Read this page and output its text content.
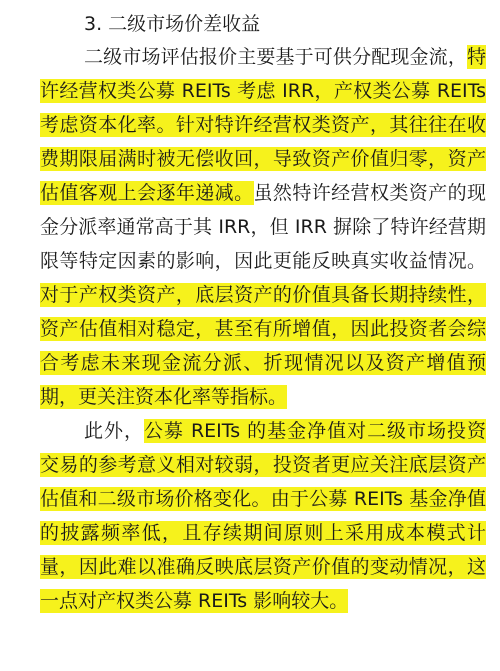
3. 二级市场价差收益

二级市场评估报价主要基于可供分配现金流，特许经营权类公募 REITs 考虑 IRR，产权类公募 REITs 考虑资本化率。针对特许经营权类资产，其往往在收费期限届满时被无偿收回，导致资产价值归零，资产估值客观上会逐年递减。虽然特许经营权类资产的现金分派率通常高于其 IRR，但 IRR 摒除了特许经营期限等特定因素的影响，因此更能反映真实收益情况。对于产权类资产，底层资产的价值具备长期持续性，资产估值相对稳定，甚至有所增值，因此投资者会综合考虑未来现金流分派、折现情况以及资产增值预期，更关注资本化率等指标。

此外，公募 REITs 的基金净值对二级市场投资交易的参考意义相对较弱，投资者更应关注底层资产估值和二级市场价格变化。由于公募 REITs 基金净值的披露频率低，且存续期间原则上采用成本模式计量，因此难以准确反映底层资产价值的变动情况，这一点对产权类公募 REITs 影响较大。
